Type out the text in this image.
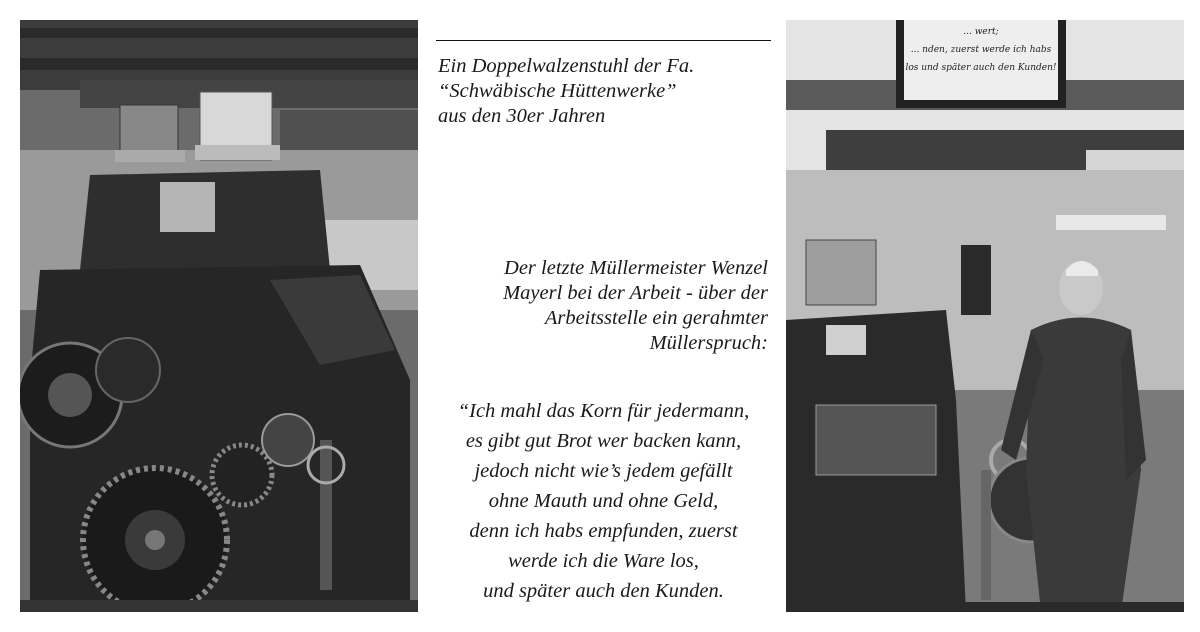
Ein Doppelwalzenstuhl der Fa.
“Schwäbische Hüttenwerke”
aus den 30er Jahren
Der letzte Müllermeister Wenzel
Mayerl bei der Arbeit - über der
Arbeitsstelle ein gerahmter
Müllerspruch:
“Ich mahl das Korn für jedermann,
es gibt gut Brot wer backen kann,
jedoch nicht wie’s jedem gefällt
ohne Mauth und ohne Geld,
denn ich habs empfunden, zuerst
werde ich die Ware los,
und später auch den Kunden.
... wert;
... nden, zuerst werde ich habs
los und später auch den Kunden!
